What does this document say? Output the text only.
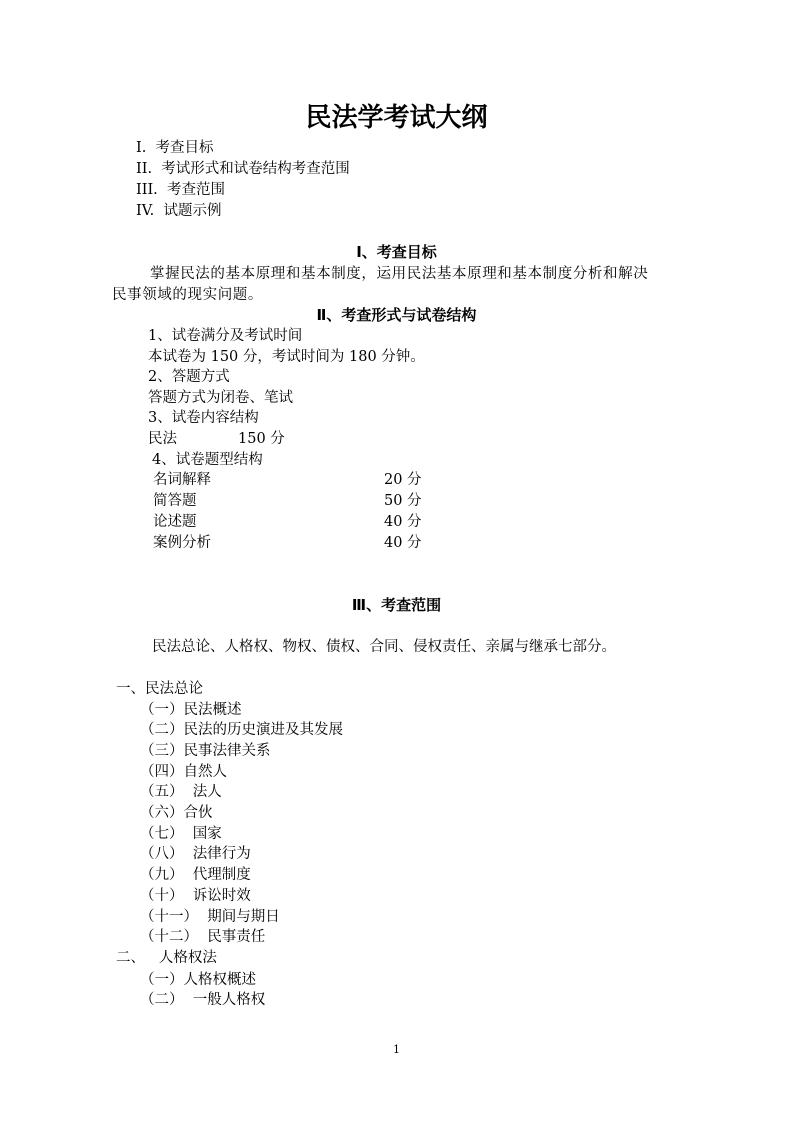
民法学考试大纲
I.  考查目标
II.  考试形式和试卷结构考查范围
III.  考查范围
IV.  试题示例
Ⅰ、考查目标
掌握民法的基本原理和基本制度，运用民法基本原理和基本制度分析和解决
民事领域的现实问题。
Ⅱ、考查形式与试卷结构
1、试卷满分及考试时间
本试卷为 150 分，考试时间为 180 分钟。
2、答题方式
答题方式为闭卷、笔试
3、试卷内容结构
民法	150 分
4、试卷题型结构
名词解释	20 分
简答题	50 分
论述题	40 分
案例分析	40 分
Ⅲ、考查范围
民法总论、人格权、物权、债权、合同、侵权责任、亲属与继承七部分。
一、民法总论
二、   人格权法
1
（一）民法概述
（二）民法的历史演进及其发展
（三）民事法律关系
（四）自然人
（五）  法人
（六）合伙
（七）  国家
（八）  法律行为
（九）  代理制度
（十）  诉讼时效
（十一）  期间与期日
（十二）  民事责任
（一）人格权概述
（二）  一般人格权
